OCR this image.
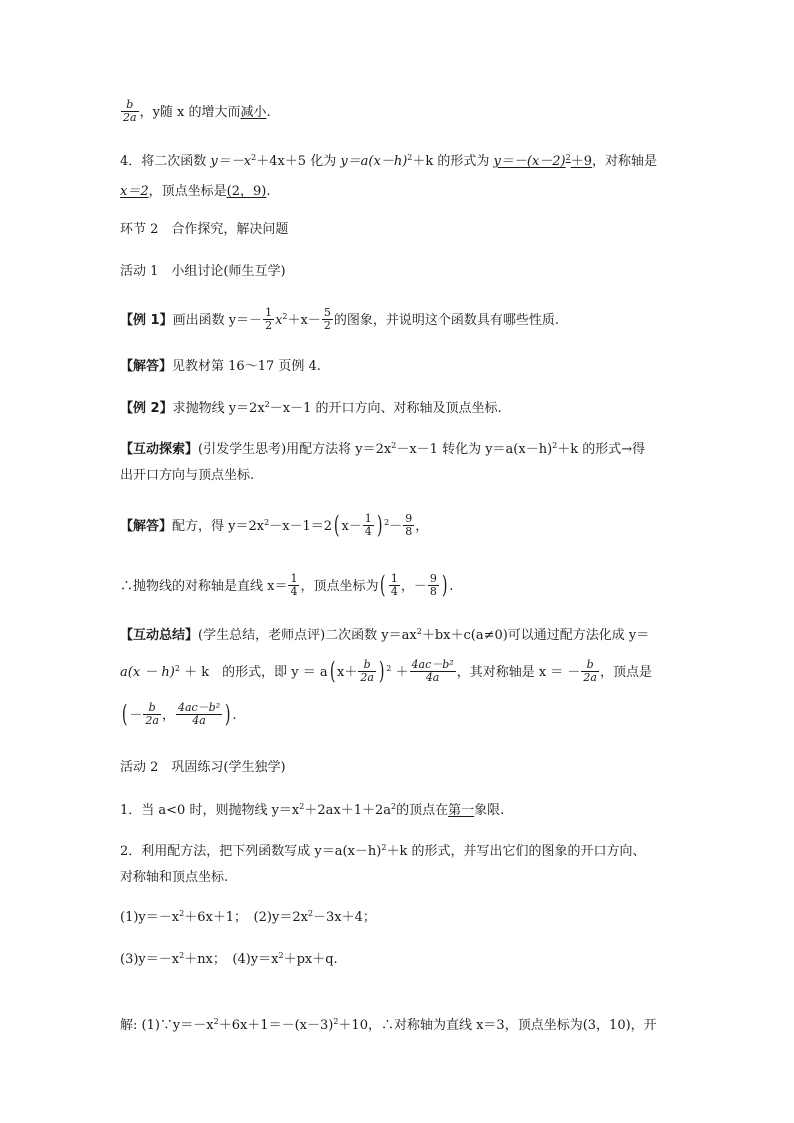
$\frac{b}{2a}$ ，y随 x 的增大而减小.
4．将二次函数 $y=-x^2+4x+5$ 化为 $y=a(x-h)^2+k$ 的形式为 $y=-(x-2)^2+9$，对称轴是
x＝2，顶点坐标是(2，9).
环节 2　合作探究，解决问题
活动 1　小组讨论(师生互学)
【例 1】画出函数 $y=- \frac{1}{2} x^2+x- \frac{5}{2}$ 的图象，并说明这个函数具有哪些性质.
【解答】见教材第 16～17 页例 4.
【例 2】求抛物线 $y=2x^2-x-1$ 的开口方向、对称轴及顶点坐标.
【互动探索】(引发学生思考)用配方法将 $y=2x^2-x-1$ 转化为 $y=a(x-h)^2+k$ 的形式→得
出开口方向与顶点坐标.
【解答】配方，得 $y=2x^2-x-1=2$( $x- \frac{1}{4}$ ) $^2- \frac{9}{8}$ ，
∴抛物线的对称轴是直线 $x= \frac{1}{4}$ ，顶点坐标为( $\frac{1}{4}$ ，－ $\frac{9}{8}$ ) .
【互动总结】(学生总结，老师点评)二次函数 $y=ax^2+bx+c(a\ne 0)$可以通过配方法化成 y＝
$a(x - h)^2 + k$　的形式，即 y ＝ a( $x+ \frac{b}{2a}$ ) $^2 + \frac{\text{4ac－b²}}{4a}$ ，其对称轴是 x ＝ － $\frac{b}{2a}$ ，顶点是
( － $\frac{b}{2a}$ ， $\frac{\text{4ac－b²}}{4a}$ ) .
活动 2　巩固练习(学生独学)
1．当 a<0 时，则抛物线 $y=x^2+2ax+1+2a^2$的顶点在第一象限.
2．利用配方法，把下列函数写成 $y=a(x-h)^2+k$ 的形式，并写出它们的图象的开口方向、
对称轴和顶点坐标.
$(1)y=-x^2+6x+1$；　$(2)y=2x^2-3x+4$；
$(3)y=-x^2+nx$；　$(4)y=x^2+px+q$.
解: $(1)\because y=-x^2+6x+1=-(x-3)^2+10$，∴对称轴为直线 x＝3，顶点坐标为(3，10)，开
